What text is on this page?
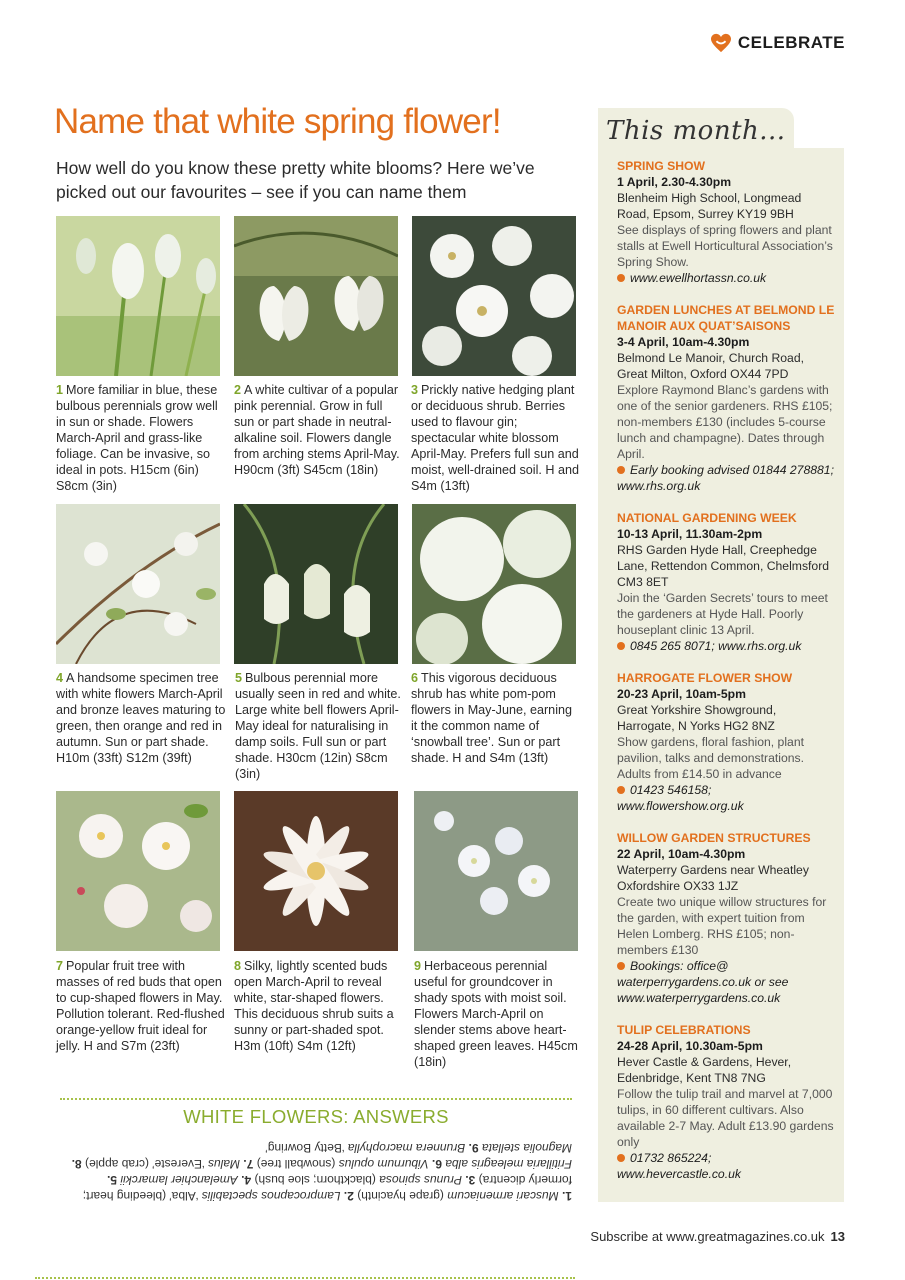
CELEBRATE
Name that white spring flower!

How well do you know these pretty white blooms? Here we’ve picked out our favourites – see if you can name them

1 More familiar in blue, these bulbous perennials grow well in sun or shade. Flowers March-April and grass-like foliage. Can be invasive, so ideal in pots. H15cm (6in) S8cm (3in)

2 A white cultivar of a popular pink perennial. Grow in full sun or part shade in neutral-alkaline soil. Flowers dangle from arching stems April-May. H90cm (3ft) S45cm (18in)

3 Prickly native hedging plant or deciduous shrub. Berries used to flavour gin; spectacular white blossom April-May. Prefers full sun and moist, well-drained soil. H and S4m (13ft)

4 A handsome specimen tree with white flowers March-April and bronze leaves maturing to green, then orange and red in autumn. Sun or part shade. H10m (33ft) S12m (39ft)

5 Bulbous perennial more usually seen in red and white. Large white bell flowers April-May ideal for naturalising in damp soils. Full sun or part shade. H30cm (12in) S8cm (3in)

6 This vigorous deciduous shrub has white pom-pom flowers in May-June, earning it the common name of ‘snowball tree’. Sun or part shade. H and S4m (13ft)

7 Popular fruit tree with masses of red buds that open to cup-shaped flowers in May. Pollution tolerant. Red-flushed orange-yellow fruit ideal for jelly. H and S7m (23ft)

8 Silky, lightly scented buds open March-April to reveal white, star-shaped flowers. This deciduous shrub suits a sunny or part-shaded spot. H3m (10ft) S4m (12ft)

9 Herbaceous perennial useful for groundcover in shady spots with moist soil. Flowers March-April on slender stems above heart-shaped green leaves. H45cm (18in)

WHITE FLOWERS: ANSWERS

1. Muscari armeniacum (grape hyacinth) 2. Lamprocapnos spectabilis ‘Alba’ (bleeding heart; formerly dicentra) 3. Prunus spinosa (blackthorn; sloe bush) 4. Amelanchier lamarckii 5. Fritillaria meleagris alba 6. Viburnum opulus (snowball tree) 7. Malus ‘Evereste’ (crab apple) 8. Magnolia stellata 9. Brunnera macrophylla ‘Betty Bowring’
This month...
SPRING SHOW
1 April, 2.30-4.30pm
Blenheim High School, Longmead Road, Epsom, Surrey KY19 9BH
See displays of spring flowers and plant stalls at Ewell Horticultural Association’s Spring Show.
www.ewellhortassn.co.uk
GARDEN LUNCHES AT BELMOND LE MANOIR AUX QUAT’SAISONS
3-4 April, 10am-4.30pm
Belmond Le Manoir, Church Road, Great Milton, Oxford OX44 7PD
Explore Raymond Blanc’s gardens with one of the senior gardeners. RHS £105; non-members £130 (includes 5-course lunch and champagne). Dates through April.
Early booking advised 01844 278881; www.rhs.org.uk
NATIONAL GARDENING WEEK
10-13 April, 11.30am-2pm
RHS Garden Hyde Hall, Creephedge Lane, Rettendon Common, Chelmsford CM3 8ET
Join the ‘Garden Secrets’ tours to meet the gardeners at Hyde Hall. Poorly houseplant clinic 13 April.
0845 265 8071; www.rhs.org.uk
HARROGATE FLOWER SHOW
20-23 April, 10am-5pm
Great Yorkshire Showground, Harrogate, N Yorks HG2 8NZ
Show gardens, floral fashion, plant pavilion, talks and demonstrations. Adults from £14.50 in advance
01423 546158; www.flowershow.org.uk
WILLOW GARDEN STRUCTURES
22 April, 10am-4.30pm
Waterperry Gardens near Wheatley Oxfordshire OX33 1JZ
Create two unique willow structures for the garden, with expert tuition from Helen Lomberg. RHS £105; non-members £130
Bookings: office@ waterperrygardens.co.uk or see www.waterperrygardens.co.uk
TULIP CELEBRATIONS
24-28 April, 10.30am-5pm
Hever Castle & Gardens, Hever, Edenbridge, Kent TN8 7NG
Follow the tulip trail and marvel at 7,000 tulips, in 60 different cultivars. Also available 2-7 May. Adult £13.90 gardens only
01732 865224; www.hevercastle.co.uk
Subscribe at www.greatmagazines.co.uk 13
